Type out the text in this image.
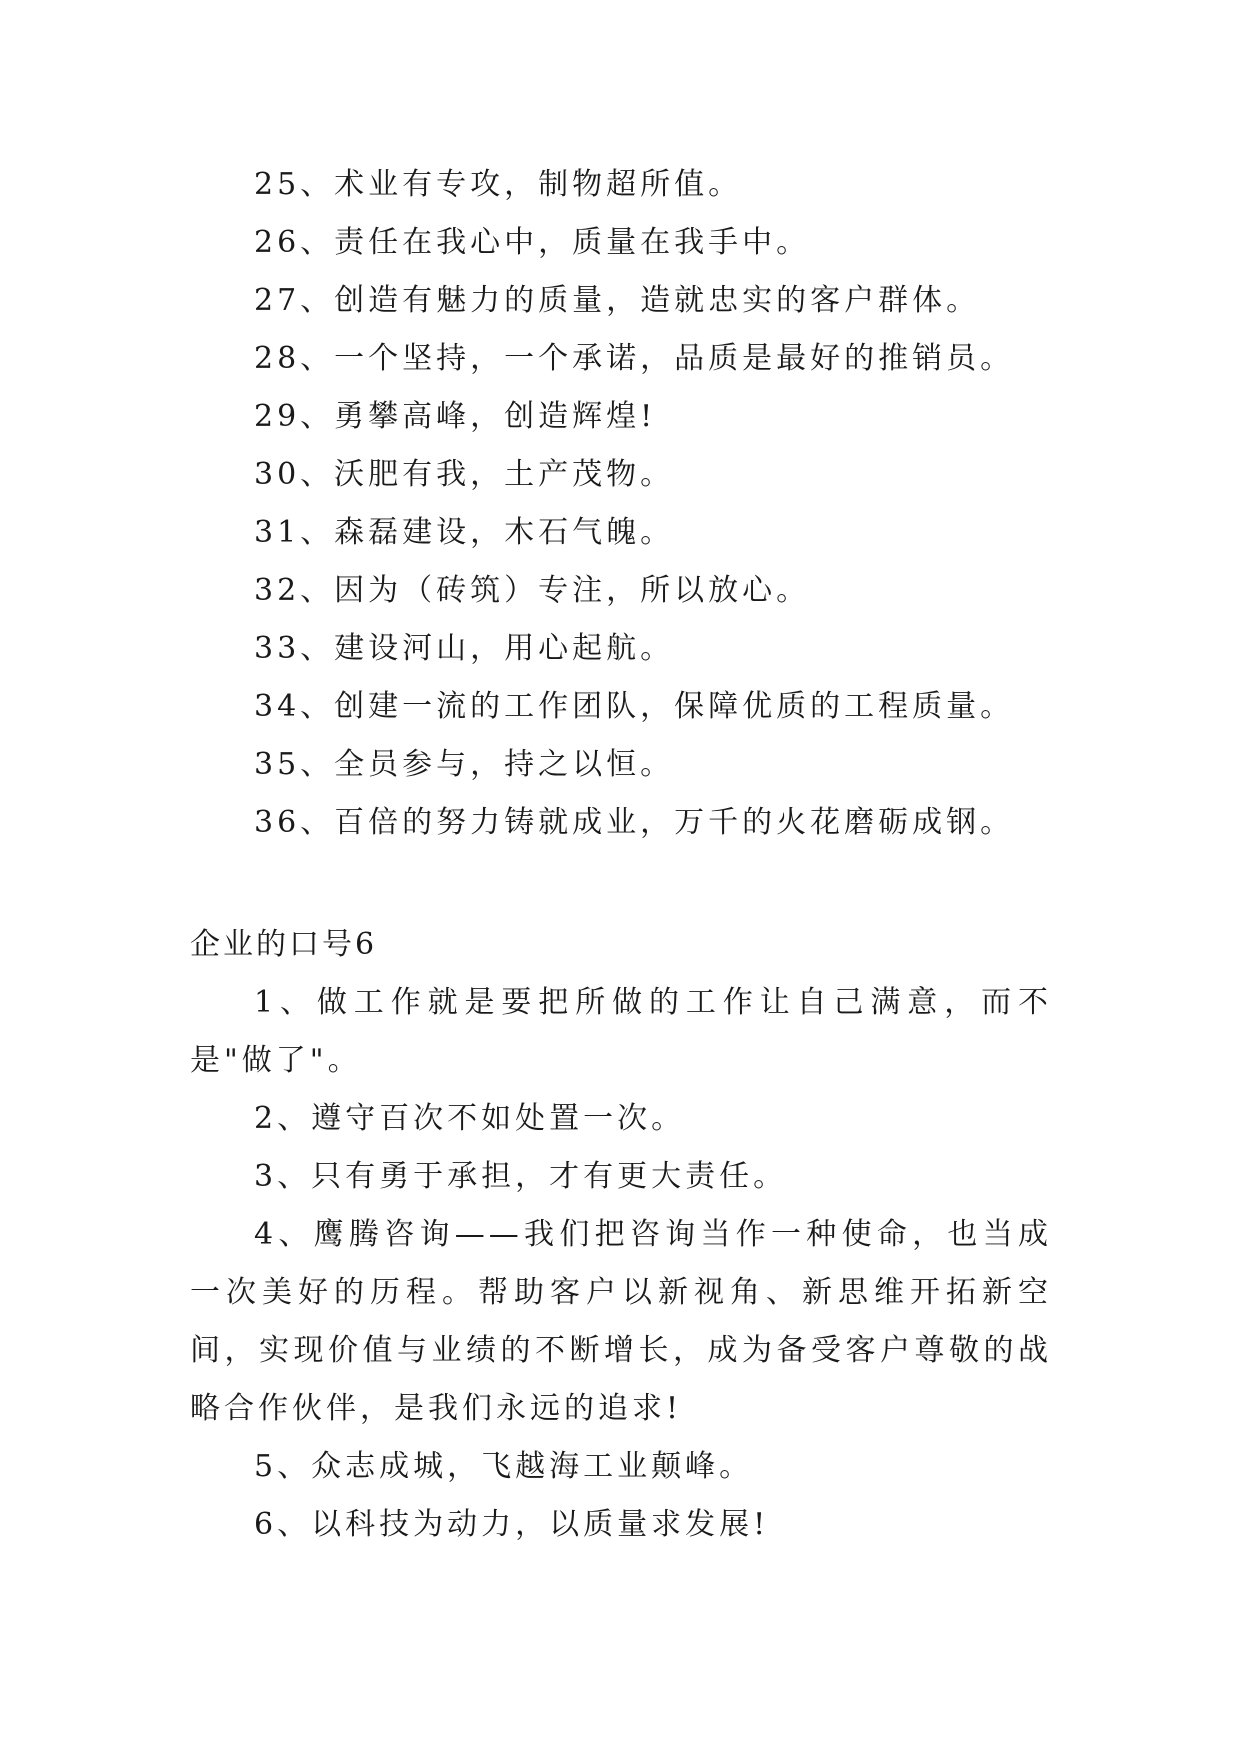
25、术业有专攻，制物超所值。

26、责任在我心中，质量在我手中。

27、创造有魅力的质量，造就忠实的客户群体。

28、一个坚持，一个承诺，品质是最好的推销员。

29、勇攀高峰，创造辉煌!

30、沃肥有我，土产茂物。

31、森磊建设，木石气魄。

32、因为（砖筑）专注，所以放心。

33、建设河山，用心起航。

34、创建一流的工作团队，保障优质的工程质量。

35、全员参与，持之以恒。

36、百倍的努力铸就成业，万千的火花磨砺成钢。

企业的口号6

1、做工作就是要把所做的工作让自己满意，而不是"做了"。

2、遵守百次不如处置一次。

3、只有勇于承担，才有更大责任。

4、鹰腾咨询——我们把咨询当作一种使命，也当成一次美好的历程。帮助客户以新视角、新思维开拓新空间，实现价值与业绩的不断增长，成为备受客户尊敬的战略合作伙伴，是我们永远的追求!

5、众志成城，飞越海工业颠峰。

6、以科技为动力，以质量求发展!
